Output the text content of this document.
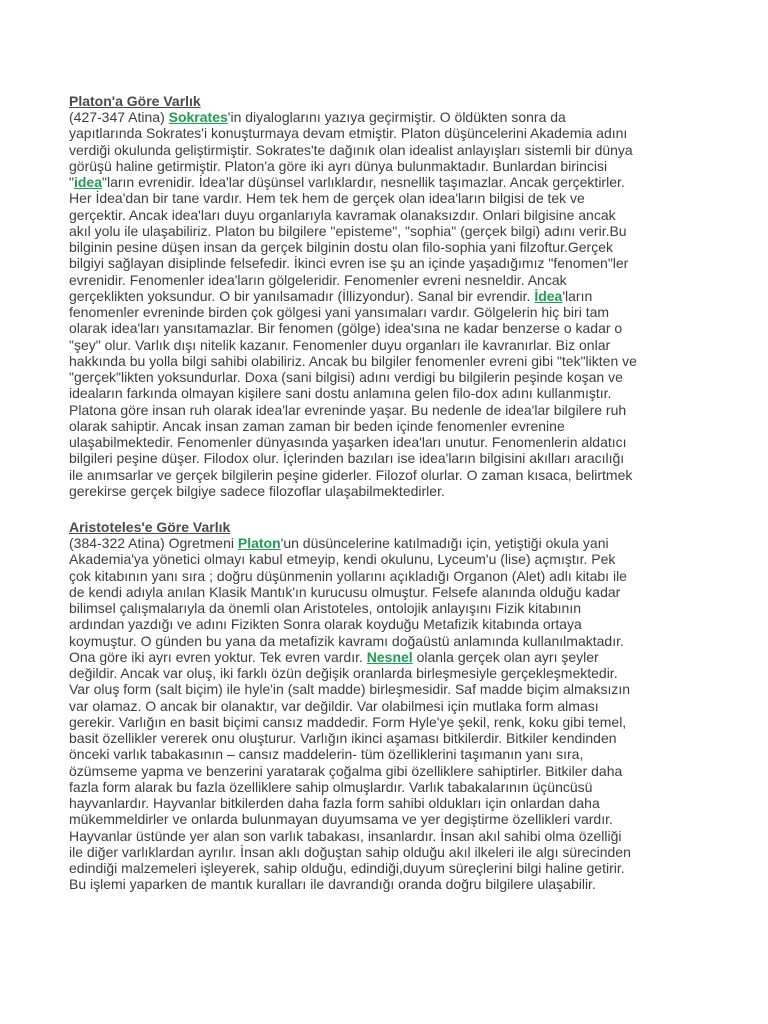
Platon'a Göre Varlık
(427-347 Atina) Sokrates'in diyaloglarını yazıya geçirmiştir. O öldükten sonra da
yapıtlarında Sokrates'i konuşturmaya devam etmiştir. Platon düşüncelerini Akademia adını
verdiği okulunda geliştirmiştir. Sokrates'te dağınık olan idealist anlayışları sistemli bir dünya
görüşü haline getirmiştir. Platon'a göre iki ayrı dünya bulunmaktadır. Bunlardan birincisi
"idea"ların evrenidir. İdea'lar düşünsel varlıklardır, nesnellik taşımazlar. Ancak gerçektirler.
Her İdea'dan bir tane vardır. Hem tek hem de gerçek olan idea'ların bilgisi de tek ve
gerçektir. Ancak idea'ları duyu organlarıyla kavramak olanaksızdır. Onlari bilgisine ancak
akıl yolu ile ulaşabiliriz. Platon bu bilgilere "episteme", "sophia" (gerçek bilgi) adını verir.Bu
bilginin pesine düşen insan da gerçek bilginin dostu olan filo-sophia yani filzoftur.Gerçek
bilgiyi sağlayan disiplinde felsefedir. İkinci evren ise şu an içinde yaşadığımız "fenomen"ler
evrenidir. Fenomenler idea'ların gölgeleridir. Fenomenler evreni nesneldir. Ancak
gerçeklikten yoksundur. O bir yanılsamadır (İllizyondur). Sanal bir evrendir. İdea'ların
fenomenler evreninde birden çok gölgesi yani yansımaları vardır. Gölgelerin hiç biri tam
olarak idea'ları yansıtamazlar. Bir fenomen (gölge) idea'sına ne kadar benzerse o kadar o
"şey" olur. Varlık dışı nitelik kazanır. Fenomenler duyu organları ile kavranırlar. Biz onlar
hakkında bu yolla bilgi sahibi olabiliriz. Ancak bu bilgiler fenomenler evreni gibi "tek"likten ve
"gerçek"likten yoksundurlar. Doxa (sani bilgisi) adını verdigi bu bilgilerin peşinde koşan ve
ideaların farkında olmayan kişilere sani dostu anlamına gelen filo-dox adını kullanmıştır.
Platona göre insan ruh olarak idea'lar evreninde yaşar. Bu nedenle de idea'lar bilgilere ruh
olarak sahiptir. Ancak insan zaman zaman bir beden içinde fenomenler evrenine
ulaşabilmektedir. Fenomenler dünyasında yaşarken idea'ları unutur. Fenomenlerin aldatıcı
bilgileri peşine düşer. Filodox olur. İçlerinden bazıları ise idea'ların bilgisini akılları aracılığı
ile anımsarlar ve gerçek bilgilerin peşine giderler. Filozof olurlar. O zaman kısaca, belirtmek
gerekirse gerçek bilgiye sadece filozoflar ulaşabilmektedirler.
Aristoteles'e Göre Varlık
(384-322 Atina) Ogretmeni Platon'un düsüncelerine katılmadığı için, yetiştiği okula yani
Akademia'ya yönetici olmayı kabul etmeyip, kendi okulunu, Lyceum'u (lise) açmıştır. Pek
çok kitabının yanı sıra ; doğru düşünmenin yollarını açıkladığı Organon (Alet) adlı kitabı ile
de kendi adıyla anılan Klasik Mantık'ın kurucusu olmuştur. Felsefe alanında olduğu kadar
bilimsel çalışmalarıyla da önemli olan Aristoteles, ontolojik anlayışını Fizik kitabının
ardından yazdığı ve adını Fizikten Sonra olarak koyduğu Metafizik kitabında ortaya
koymuştur. O günden bu yana da metafizik kavramı doğaüstü anlamında kullanılmaktadır.
Ona göre iki ayrı evren yoktur. Tek evren vardır. Nesnel olanla gerçek olan ayrı şeyler
değildir. Ancak var oluş, iki farklı özün değişik oranlarda birleşmesiyle gerçekleşmektedir.
Var oluş form (salt biçim) ile hyle'in (salt madde) birleşmesidir. Saf madde biçim almaksızın
var olamaz. O ancak bir olanaktır, var değildir. Var olabilmesi için mutlaka form alması
gerekir. Varlığın en basit biçimi cansız maddedir. Form Hyle'ye şekil, renk, koku gibi temel,
basit özellikler vererek onu oluşturur. Varlığın ikinci aşaması bitkilerdir. Bitkiler kendinden
önceki varlık tabakasının – cansız maddelerin- tüm özelliklerini taşımanın yanı sıra,
özümseme yapma ve benzerini yaratarak çoğalma gibi özelliklere sahiptirler. Bitkiler daha
fazla form alarak bu fazla özelliklere sahip olmuşlardır. Varlık tabakalarının üçüncüsü
hayvanlardır. Hayvanlar bitkilerden daha fazla form sahibi oldukları için onlardan daha
mükemmeldirler ve onlarda bulunmayan duyumsama ve yer degiştirme özellikleri vardır.
Hayvanlar üstünde yer alan son varlık tabakası, insanlardır. İnsan akıl sahibi olma özelliği
ile diğer varlıklardan ayrılır. İnsan aklı doğuştan sahip olduğu akıl ilkeleri ile algı sürecinden
edindiği malzemeleri işleyerek, sahip olduğu, edindiği,duyum süreçlerini bilgi haline getirir.
Bu işlemi yaparken de mantık kuralları ile davrandığı oranda doğru bilgilere ulaşabilir.
